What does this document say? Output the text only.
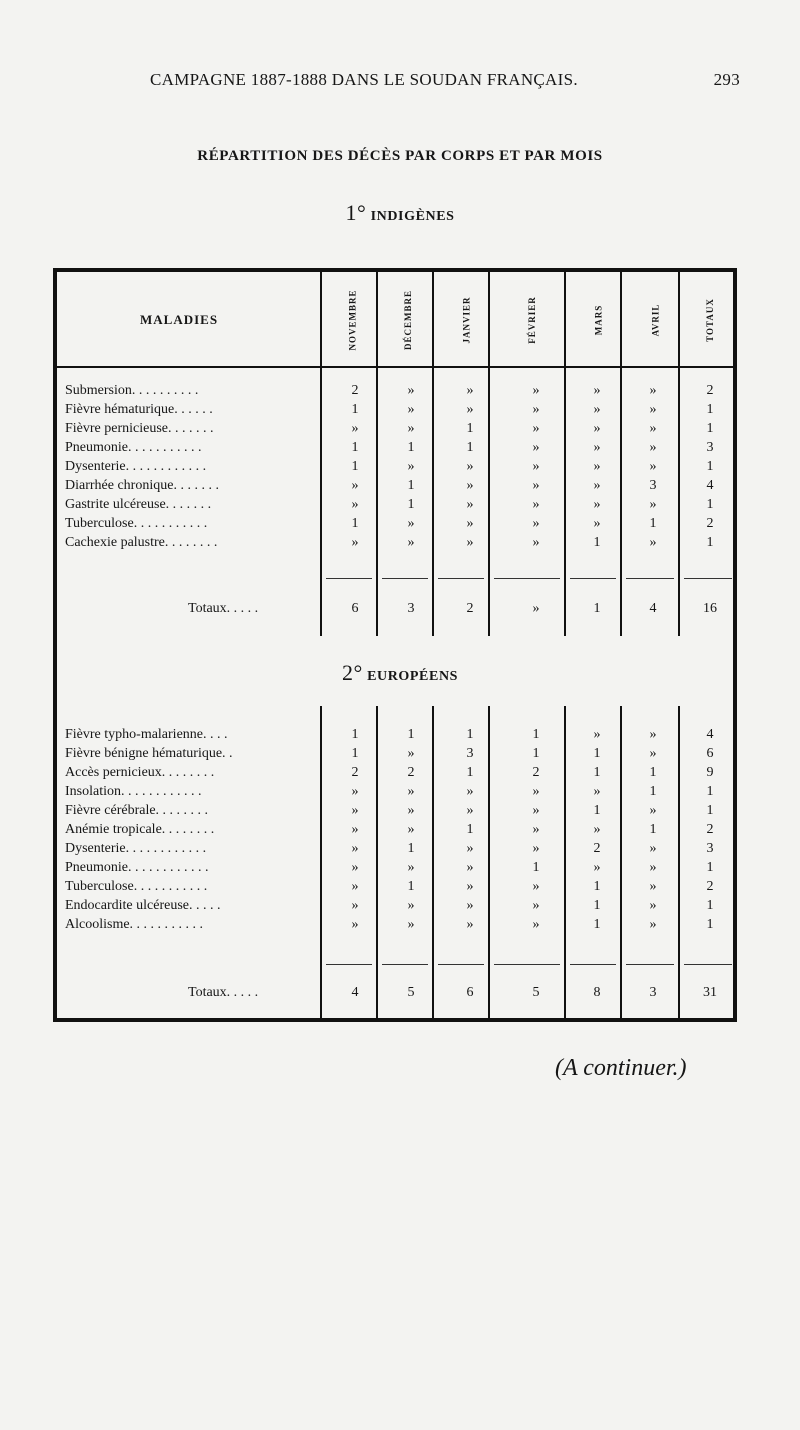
CAMPAGNE 1887-1888 DANS LE SOUDAN FRANÇAIS.	293
RÉPARTITION DES DÉCÈS PAR CORPS ET PAR MOIS
1° INDIGÈNES
MALADIES	NOVEMBRE	DÉCEMBRE	JANVIER	FÉVRIER	MARS	AVRIL	TOTAUX
Submersion. . . . . . . . . .	2	»	»	»	»	»	2
Fièvre hématurique. . . . . .	1	»	»	»	»	»	1
Fièvre pernicieuse. . . . . . .	»	»	1	»	»	»	1
Pneumonie. . . . . . . . . . .	1	1	1	»	»	»	3
Dysenterie. . . . . . . . . . . .	1	»	»	»	»	»	1
Diarrhée chronique. . . . . . .	»	1	»	»	»	3	4
Gastrite ulcéreuse. . . . . . .	»	1	»	»	»	»	1
Tuberculose. . . . . . . . . . .	1	»	»	»	»	1	2
Cachexie palustre. . . . . . . .	»	»	»	»	1	»	1
Totaux. . . . .	6	3	2	»	1	4	16
2° EUROPÉENS
Fièvre typho-malarienne. . . .	1	1	1	1	»	»	4
Fièvre bénigne hématurique. .	1	»	3	1	1	»	6
Accès pernicieux. . . . . . . .	2	2	1	2	1	1	9
Insolation. . . . . . . . . . . .	»	»	»	»	»	1	1
Fièvre cérébrale. . . . . . . .	»	»	»	»	1	»	1
Anémie tropicale. . . . . . . .	»	»	1	»	»	1	2
Dysenterie. . . . . . . . . . . .	»	1	»	»	2	»	3
Pneumonie. . . . . . . . . . . .	»	»	»	1	»	»	1
Tuberculose. . . . . . . . . . .	»	1	»	»	1	»	2
Endocardite ulcéreuse. . . . .	»	»	»	»	1	»	1
Alcoolisme. . . . . . . . . . .	»	»	»	»	1	»	1
Totaux. . . . .	4	5	6	5	8	3	31
(A continuer.)
